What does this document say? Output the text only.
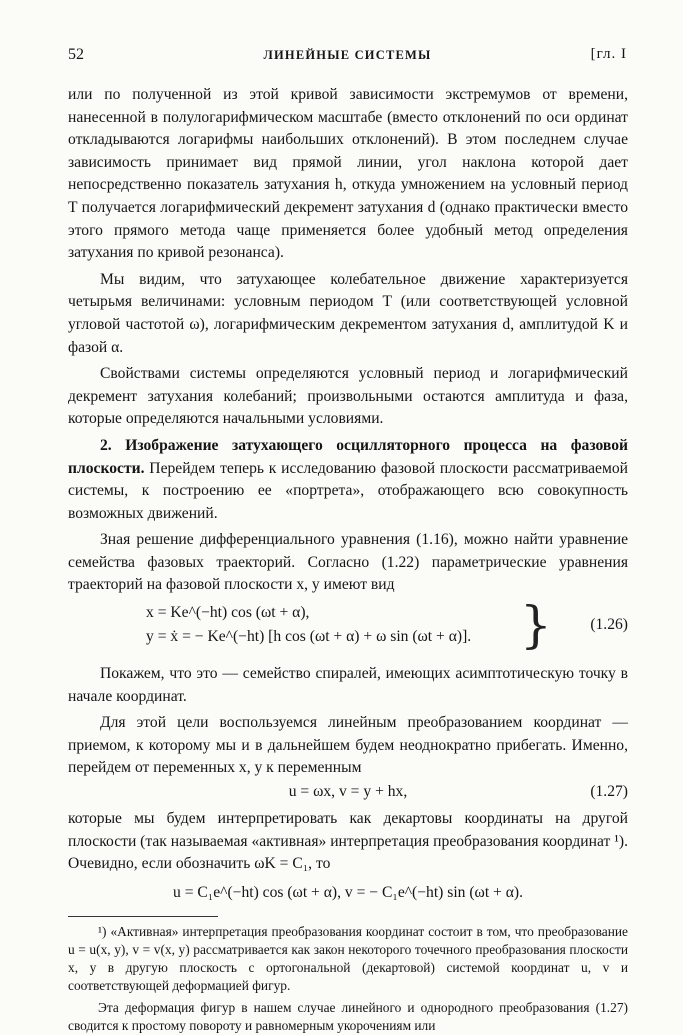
52	ЛИНЕЙНЫЕ СИСТЕМЫ	[гл. I

или по полученной из этой кривой зависимости экстремумов от времени, нанесенной в полулогарифмическом масштабе (вместо отклонений по оси ординат откладываются логарифмы наибольших отклонений). В этом последнем случае зависимость принимает вид прямой линии, угол наклона которой дает непосредственно показатель затухания h, откуда умножением на условный период T получается логарифмический декремент затухания d (однако практически вместо этого прямого метода чаще применяется более удобный метод определения затухания по кривой резонанса).

Мы видим, что затухающее колебательное движение характеризуется четырьмя величинами: условным периодом T (или соответствующей условной угловой частотой ω), логарифмическим декрементом затухания d, амплитудой K и фазой α.

Свойствами системы определяются условный период и логарифмический декремент затухания колебаний; произвольными остаются амплитуда и фаза, которые определяются начальными условиями.

2. Изображение затухающего осцилляторного процесса на фазовой плоскости. Перейдем теперь к исследованию фазовой плоскости рассматриваемой системы, к построению ее «портрета», отображающего всю совокупность возможных движений.

Зная решение дифференциального уравнения (1.16), можно найти уравнение семейства фазовых траекторий. Согласно (1.22) параметрические уравнения траекторий на фазовой плоскости x, y имеют вид

x = Ke^(−ht) cos (ωt + α),
y = ẋ = − Ke^(−ht) [h cos (ωt + α) + ω sin (ωt + α)]. } (1.26)

Покажем, что это — семейство спиралей, имеющих асимптотическую точку в начале координат.

Для этой цели воспользуемся линейным преобразованием координат — приемом, к которому мы и в дальнейшем будем неоднократно прибегать. Именно, перейдем от переменных x, y к переменным

u = ωx, v = y + hx,	(1.27)

которые мы будем интерпретировать как декартовы координаты на другой плоскости (так называемая «активная» интерпретация преобразования координат ¹). Очевидно, если обозначить ωK = C₁, то

u = C₁e^(−ht) cos (ωt + α), v = − C₁e^(−ht) sin (ωt + α).

¹) «Активная» интерпретация преобразования координат состоит в том, что преобразование u = u(x, y), v = v(x, y) рассматривается как закон некоторого точечного преобразования плоскости x, y в другую плоскость с ортогональной (декартовой) системой координат u, v и соответствующей деформацией фигур.

Эта деформация фигур в нашем случае линейного и однородного преобразования (1.27) сводится к простому повороту и равномерным укорочениям или
